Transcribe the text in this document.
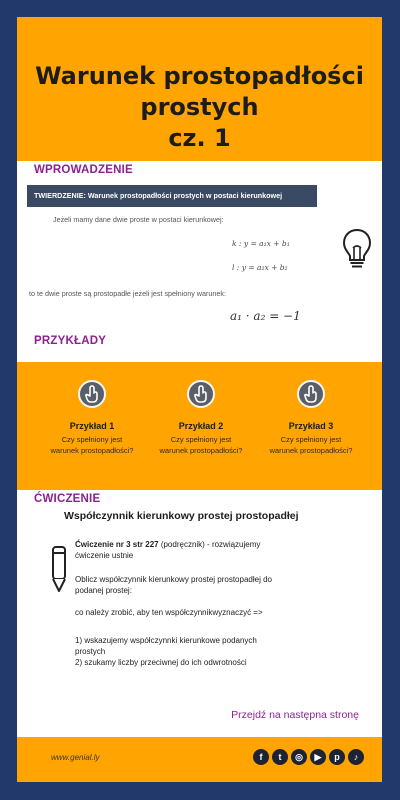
Warunek prostopadłości
prostych
cz. 1
WPROWADZENIE
TWIERDZENIE: Warunek prostopadłości prostych w postaci kierunkowej
Jeżeli mamy dane dwie proste w postaci kierunkowej:
k : y = a₁x + b₁
l : y = a₂x + b₂
to te dwie proste są prostopadłe jeżeli jest spełniony warunek:
a₁ · a₂ = −1
PRZYKŁADY
Przykład 1
Czy spełniony jest
warunek prostopadłości?
Przykład 2
Czy spełniony jest
warunek prostopadłości?
Przykład 3
Czy spełniony jest
warunek prostopadłości?
ĆWICZENIE
Współczynnik kierunkowy prostej prostopadłej
Ćwiczenie nr 3 str 227 (podręcznik) - rozwiązujemy
ćwiczenie ustnie
Oblicz współczynnik kierunkowy prostej prostopadłej do
podanej prostej:
co należy zrobić, aby ten współczynnikwyznaczyć =>
1) wskazujemy współczynnki kierunkowe podanych
prostych
2) szukamy liczby przeciwnej do ich odwrotności
Przejdź na następna stronę
www.genial.ly	f	t	◎	▶	p	♪
